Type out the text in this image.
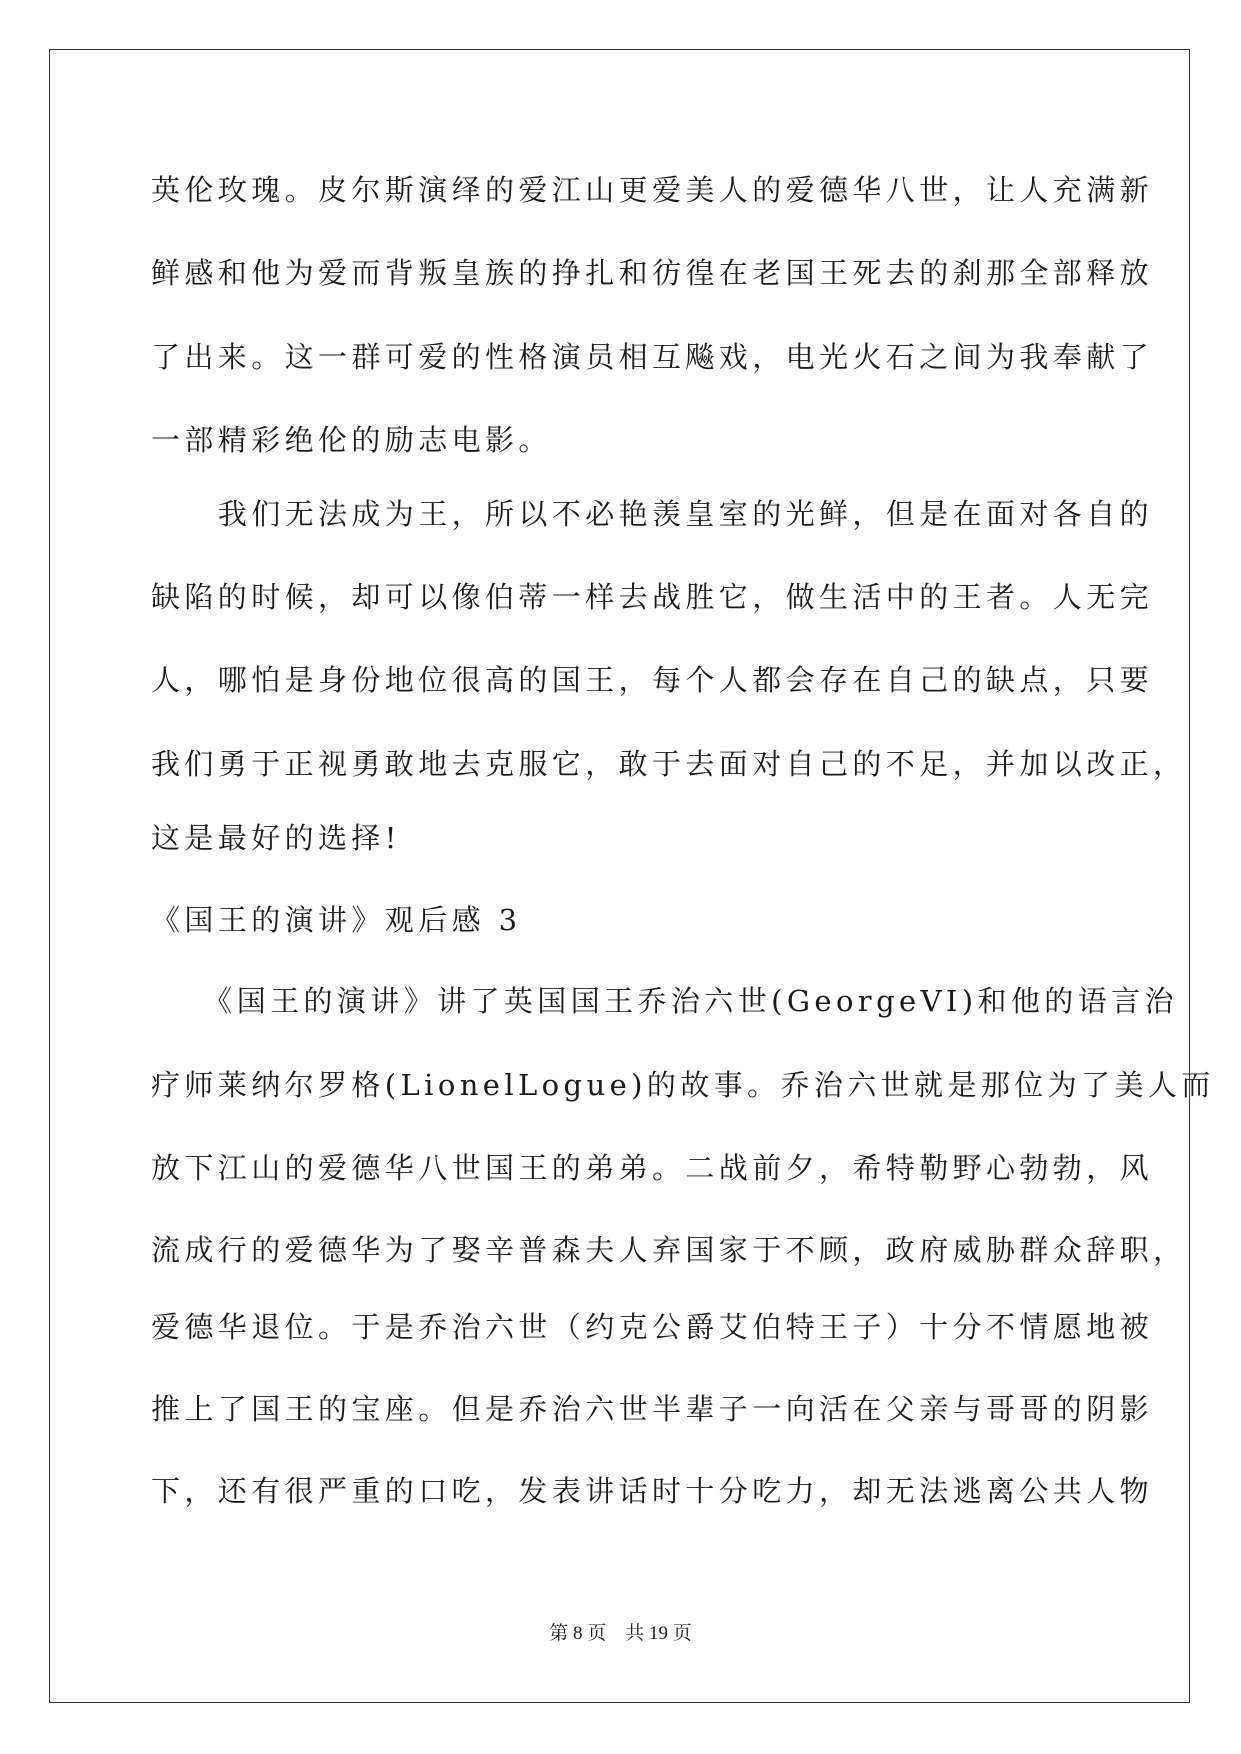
英伦玫瑰。皮尔斯演绎的爱江山更爱美人的爱德华八世，让人充满新
鲜感和他为爱而背叛皇族的挣扎和彷徨在老国王死去的刹那全部释放
了出来。这一群可爱的性格演员相互飚戏，电光火石之间为我奉献了
一部精彩绝伦的励志电影。
　　我们无法成为王，所以不必艳羡皇室的光鲜，但是在面对各自的
缺陷的时候，却可以像伯蒂一样去战胜它，做生活中的王者。人无完
人，哪怕是身份地位很高的国王，每个人都会存在自己的缺点，只要
我们勇于正视勇敢地去克服它，敢于去面对自己的不足，并加以改正，
这是最好的选择!
《国王的演讲》观后感 3
　　《国王的演讲》讲了英国国王乔治六世(GeorgeVI)和他的语言治
疗师莱纳尔罗格(LionelLogue)的故事。乔治六世就是那位为了美人而
放下江山的爱德华八世国王的弟弟。二战前夕，希特勒野心勃勃，风
流成行的爱德华为了娶辛普森夫人弃国家于不顾，政府威胁群众辞职，
爱德华退位。于是乔治六世（约克公爵艾伯特王子）十分不情愿地被
推上了国王的宝座。但是乔治六世半辈子一向活在父亲与哥哥的阴影
下，还有很严重的口吃，发表讲话时十分吃力，却无法逃离公共人物
第 8 页　共 19 页
